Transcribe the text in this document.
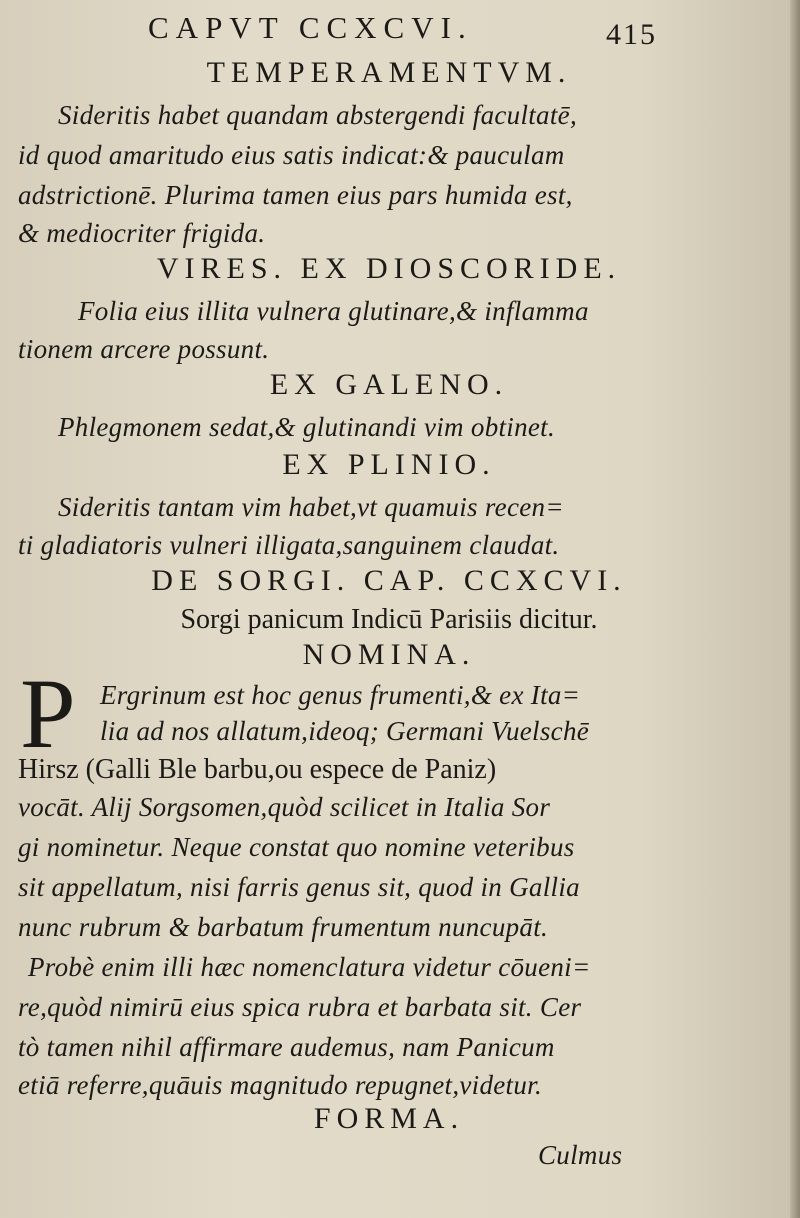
CAPVT CCXCVI.	415
TEMPERAMENTVM.
Sideritis habet quandam abstergendi facultatē,
id quod amaritudo eius satis indicat:& pauculam
adstrictionē. Plurima tamen eius pars humida est,
& mediocriter frigida.
VIRES. EX DIOSCORIDE.
Folia eius illita vulnera glutinare,& inflamma
tionem arcere possunt.
EX GALENO.
Phlegmonem sedat,& glutinandi vim obtinet.
EX PLINIO.
Sideritis tantam vim habet,vt quamuis recen=
ti gladiatoris vulneri illigata,sanguinem claudat.
DE SORGI. CAP. CCXCVI.
Sorgi panicum Indicū Parisiis dicitur.
NOMINA.
Ergrinum est hoc genus frumenti,& ex Ita=
lia ad nos allatum,ideoq; Germani Vuelschē
Hirsz (Galli Ble barbu,ou espece de Paniz)
vocāt. Alij Sorgsomen,quòd scilicet in Italia Sor
gi nominetur. Neque constat quo nomine veteribus
sit appellatum, nisi farris genus sit, quod in Gallia
nunc rubrum & barbatum frumentum nuncupāt.
Probè enim illi hæc nomenclatura videtur cōueni=
re,quòd nimirū eius spica rubra et barbata sit. Cer
tò tamen nihil affirmare audemus, nam Panicum
etiā referre,quāuis magnitudo repugnet,videtur.
FORMA.
Culmus
P
